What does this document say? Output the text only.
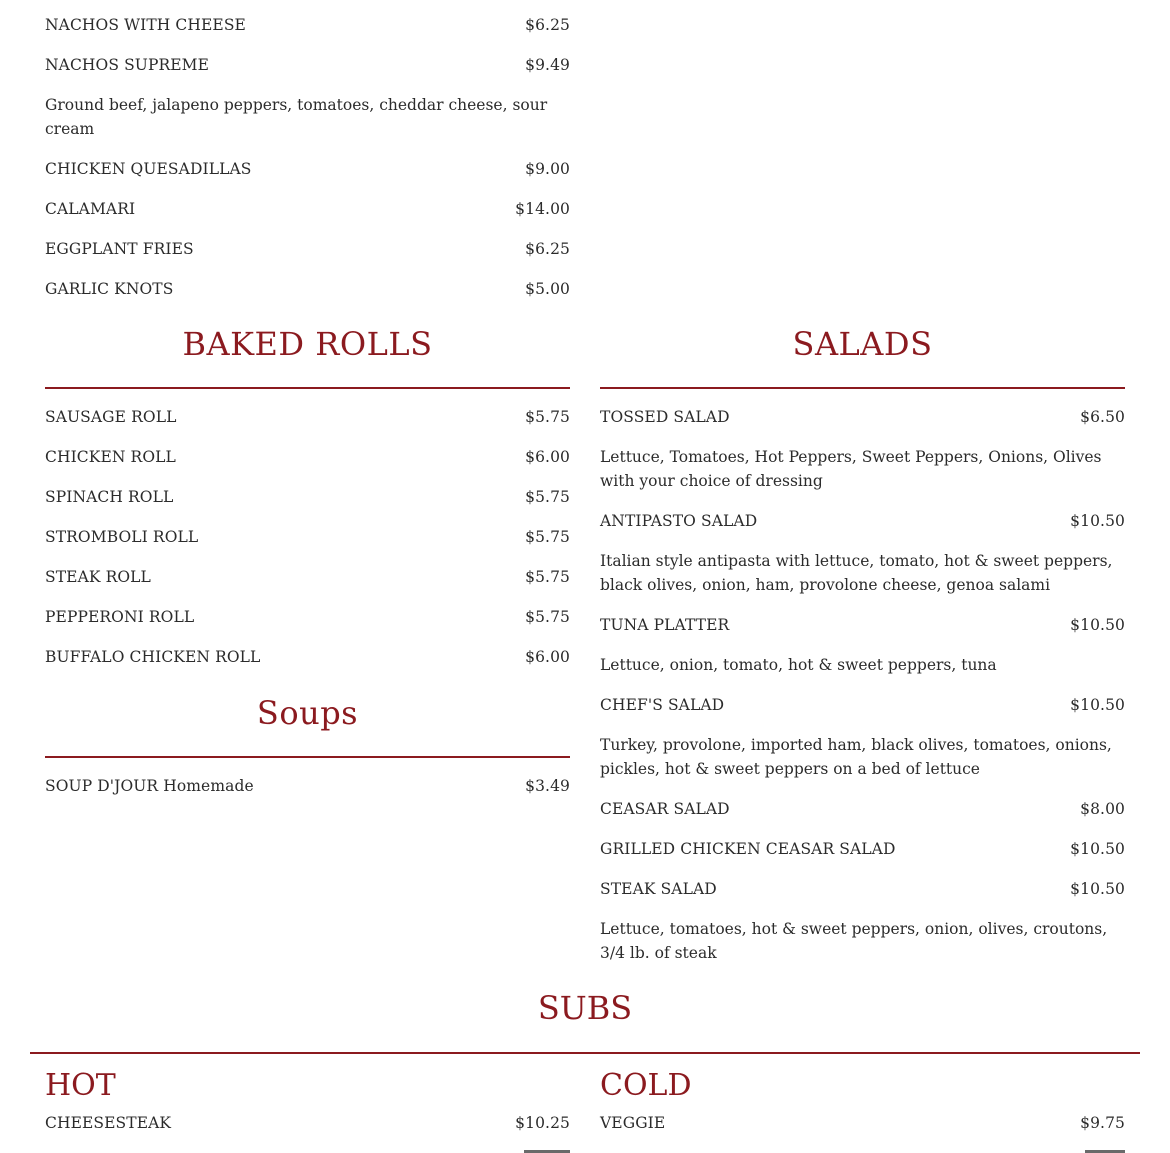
NACHOS WITH CHEESE	$6.25
NACHOS SUPREME	$9.49
Ground beef, jalapeno peppers, tomatoes, cheddar cheese, sour cream
CHICKEN QUESADILLAS	$9.00
CALAMARI	$14.00
EGGPLANT FRIES	$6.25
GARLIC KNOTS	$5.00
BAKED ROLLS
SAUSAGE ROLL	$5.75
CHICKEN ROLL	$6.00
SPINACH ROLL	$5.75
STROMBOLI ROLL	$5.75
STEAK ROLL	$5.75
PEPPERONI ROLL	$5.75
BUFFALO CHICKEN ROLL	$6.00
Soups
SOUP D'JOUR Homemade	$3.49
HOT
CHEESESTEAK	$10.25
SALADS
TOSSED SALAD	$6.50
Lettuce, Tomatoes, Hot Peppers, Sweet Peppers, Onions, Olives with your choice of dressing
ANTIPASTO SALAD	$10.50
Italian style antipasta with lettuce, tomato, hot & sweet peppers, black olives, onion, ham, provolone cheese, genoa salami
TUNA PLATTER	$10.50
Lettuce, onion, tomato, hot & sweet peppers, tuna
CHEF'S SALAD	$10.50
Turkey, provolone, imported ham, black olives, tomatoes, onions, pickles, hot & sweet peppers on a bed of lettuce
CEASAR SALAD	$8.00
GRILLED CHICKEN CEASAR SALAD	$10.50
STEAK SALAD	$10.50
Lettuce, tomatoes, hot & sweet peppers, onion, olives, croutons, 3/4 lb. of steak
COLD
VEGGIE	$9.75
SUBS
